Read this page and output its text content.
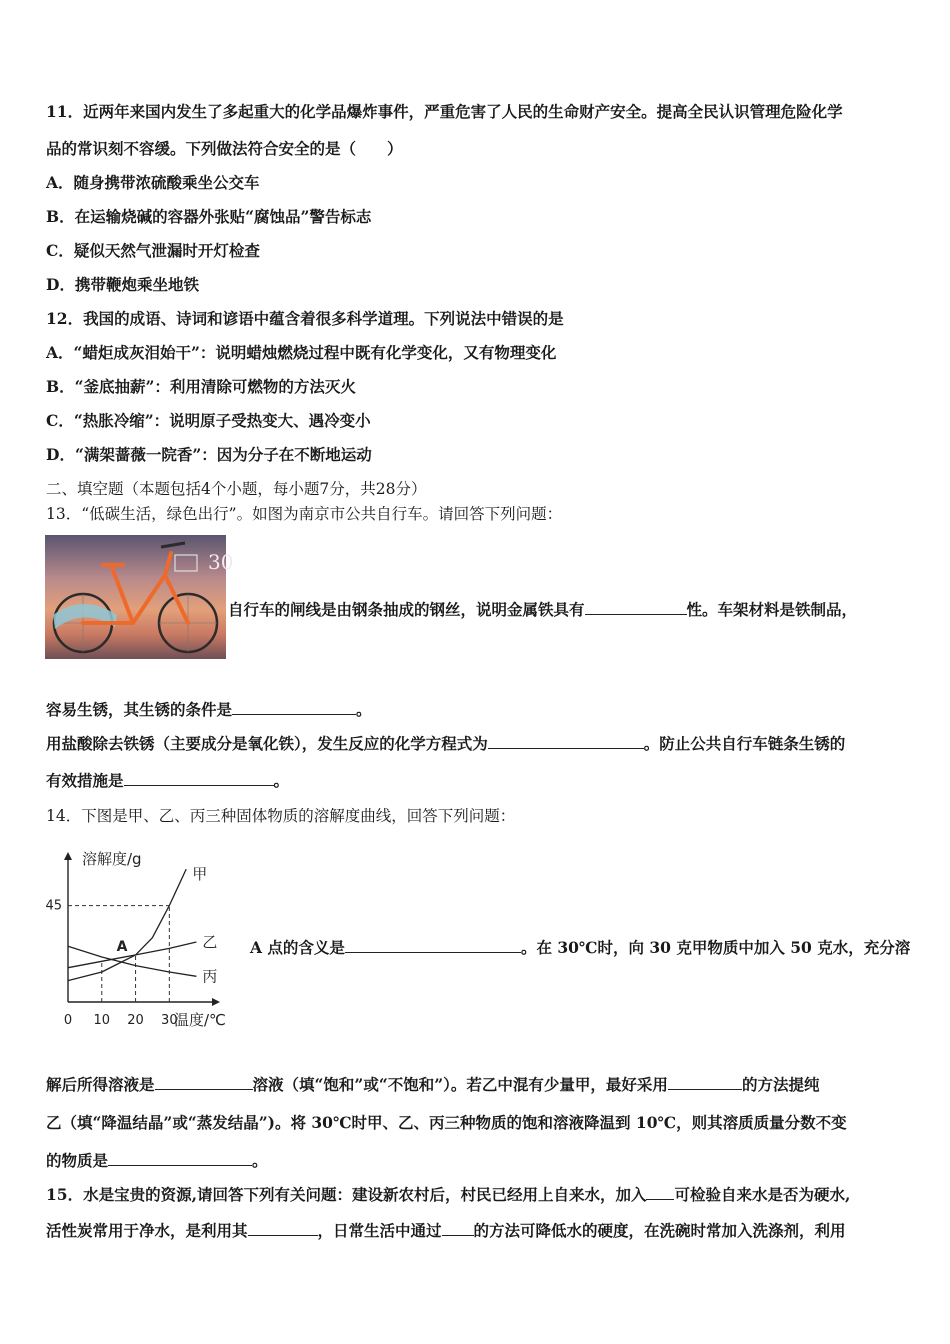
11．近两年来国内发生了多起重大的化学品爆炸事件，严重危害了人民的生命财产安全。提高全民认识管理危险化学
品的常识刻不容缓。下列做法符合安全的是（　　）
A．随身携带浓硫酸乘坐公交车
B．在运输烧碱的容器外张贴“腐蚀品”警告标志
C．疑似天然气泄漏时开灯检查
D．携带鞭炮乘坐地铁
12．我国的成语、诗词和谚语中蕴含着很多科学道理。下列说法中错误的是
A．“蜡炬成灰泪始干”：说明蜡烛燃烧过程中既有化学变化，又有物理变化
B．“釜底抽薪”：利用清除可燃物的方法灭火
C．“热胀冷缩”：说明原子受热变大、遇冷变小
D．“满架蔷薇一院香”：因为分子在不断地运动
二、填空题（本题包括4个小题，每小题7分，共28分）
13．“低碳生活，绿色出行”。如图为南京市公共自行车。请回答下列问题：
30
自行车的闸线是由钢条抽成的钢丝，说明金属铁具有	性。车架材料是铁制品，
容易生锈，其生锈的条件是	。
用盐酸除去铁锈（主要成分是氧化铁），发生反应的化学方程式为	。防止公共自行车链条生锈的
有效措施是	。
14．下图是甲、乙、丙三种固体物质的溶解度曲线，回答下列问题：
溶解度/g
温度/℃
0 10 20 30
45
甲
乙
丙
A	A 点的含义是	。在 30℃时，向 30 克甲物质中加入 50 克水，充分溶
解后所得溶液是	溶液（填“饱和”或“不饱和”）。若乙中混有少量甲，最好采用	的方法提纯
乙（填“降温结晶”或“蒸发结晶”)。将 30℃时甲、乙、丙三种物质的饱和溶液降温到 10℃，则其溶质质量分数不变
的物质是	。
15．水是宝贵的资源,请回答下列有关问题：建设新农村后，村民已经用上自来水，加入 可检验自来水是否为硬水,
活性炭常用于净水，是利用其	，日常生活中通过 的方法可降低水的硬度，在洗碗时常加入洗涤剂，利用
